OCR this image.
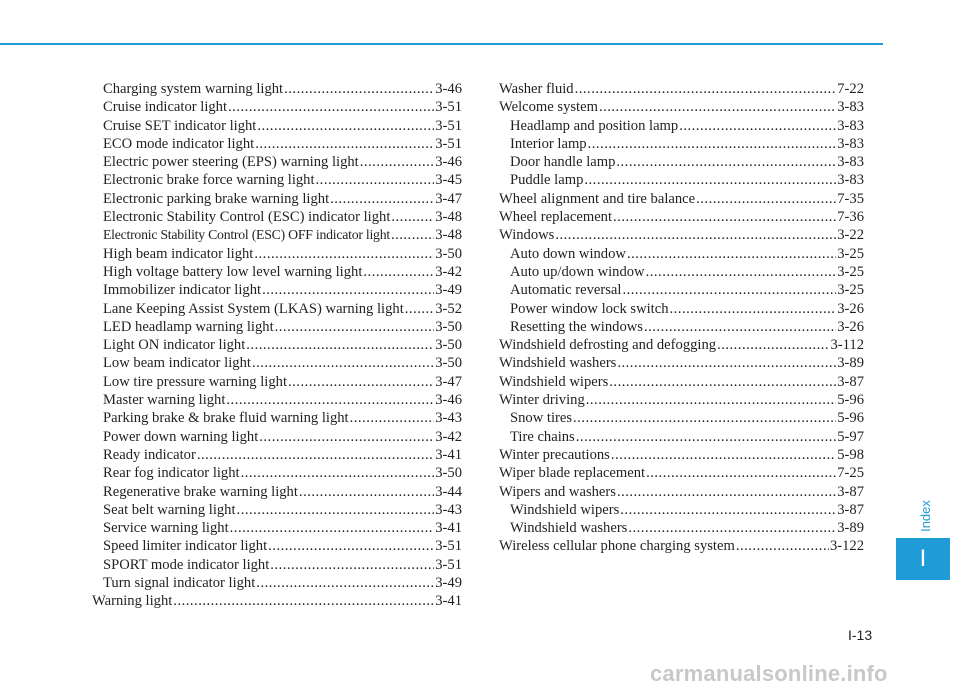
Charging system warning light .....	3-46
Cruise indicator light .....	3-51
Cruise SET indicator light .....	3-51
ECO mode indicator light .....	3-51
Electric power steering (EPS) warning light .....	3-46
Electronic brake force warning light .....	3-45
Electronic parking brake warning light .....	3-47
Electronic Stability Control (ESC) indicator light .....	3-48
Electronic Stability Control (ESC) OFF indicator light .....	3-48
High beam indicator light .....	3-50
High voltage battery low level warning light .....	3-42
Immobilizer indicator light .....	3-49
Lane Keeping Assist System (LKAS) warning light ..... 3-52
LED headlamp warning light .....	3-50
Light ON indicator light .....	3-50
Low beam indicator light .....	3-50
Low tire pressure warning light .....	3-47
Master warning light .....	3-46
Parking brake & brake fluid warning light .....	3-43
Power down warning light .....	3-42
Ready indicator .....	3-41
Rear fog indicator light .....	3-50
Regenerative brake warning light .....	3-44
Seat belt warning light .....	3-43
Service warning light .....	3-41
Speed limiter indicator light .....	3-51
SPORT mode indicator light .....	3-51
Turn signal indicator light .....	3-49
Warning light .....	3-41
Washer fluid .....	7-22
Welcome system .....	3-83
Headlamp and position lamp .....	3-83
Interior lamp .....	3-83
Door handle lamp .....	3-83
Puddle lamp .....	3-83
Wheel alignment and tire balance .....	7-35
Wheel replacement .....	7-36
Windows .....	3-22
Auto down window .....	3-25
Auto up/down window .....	3-25
Automatic reversal .....	3-25
Power window lock switch .....	3-26
Resetting the windows .....	3-26
Windshield defrosting and defogging .....	3-112
Windshield washers .....	3-89
Windshield wipers .....	3-87
Winter driving .....	5-96
Snow tires .....	5-96
Tire chains .....	5-97
Winter precautions .....	5-98
Wiper blade replacement .....	7-25
Wipers and washers .....	3-87
Windshield wipers .....	3-87
Windshield washers .....	3-89
Wireless cellular phone charging system .....	3-122
Index
I
I-13
carmanualsonline.info
